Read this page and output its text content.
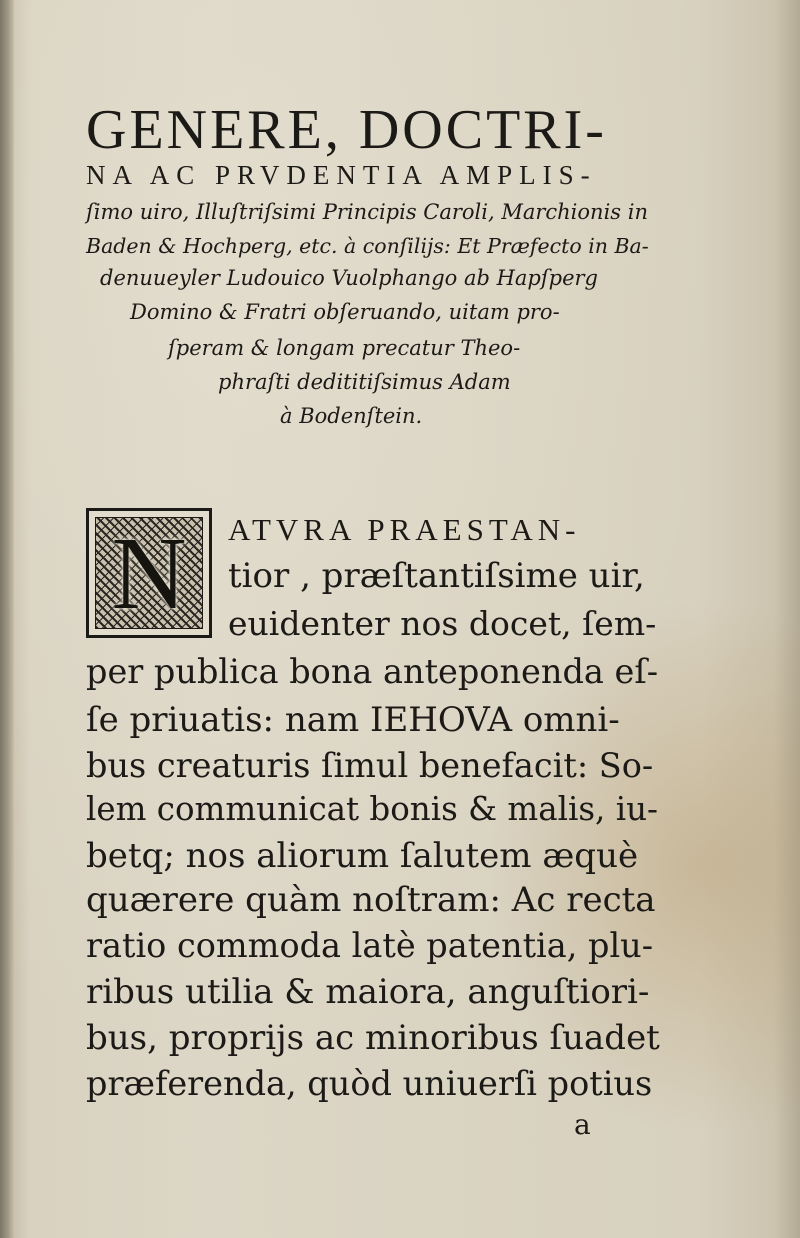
GENERE, DOCTRI-
NA AC PRVDENTIA AMPLIS-
ſimo uiro, Illuſtriſsimi Principis Caroli, Marchionis in
Baden & Hochperg, etc. à conſilijs: Et Præfecto in Ba-
denuueyler Ludouico Vuolphango ab Hapſperg
Domino & Fratri obſeruando, uitam pro-
ſperam & longam precatur Theo-
phraſti dedititiſsimus Adam
à Bodenſtein.
N	ATVRA PRAESTAN-
tior , præſtantiſsime uir,
euidenter nos docet, ſem-
per publica bona anteponenda eſ-
ſe priuatis: nam IEHOVA omni-
bus creaturis ſimul benefacit: So-
lem communicat bonis & malis, iu-
betq; nos aliorum ſalutem æquè
quærere quàm noſtram: Ac recta
ratio commoda latè patentia, plu-
ribus utilia & maiora, anguſtiori-
bus, proprijs ac minoribus ſuadet
præferenda, quòd uniuerſi potius
a
